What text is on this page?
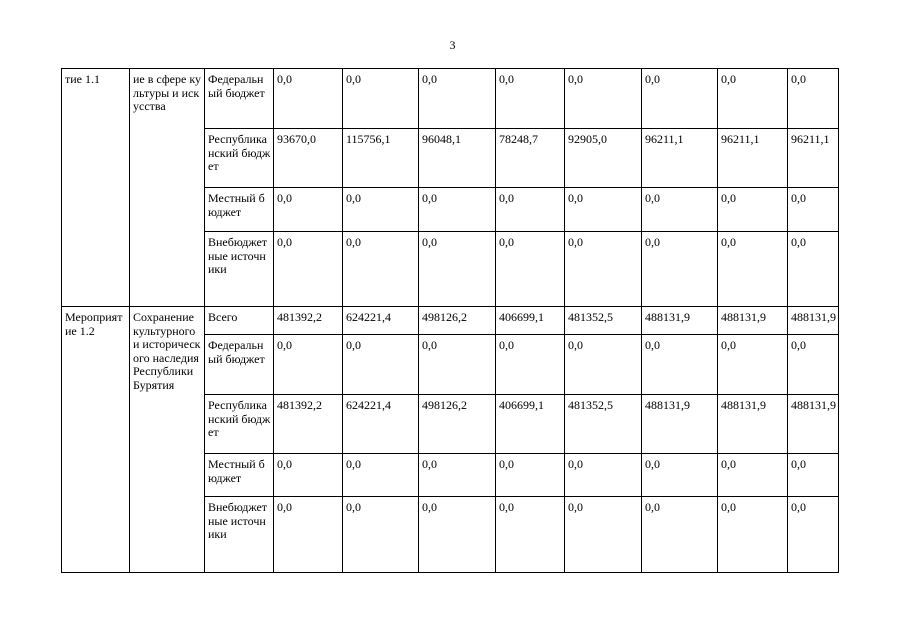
3
тие 1.1	ие в сфере культуры и искусства	Федеральный бюджет	0,0	0,0	0,0	0,0	0,0	0,0	0,0	0,0
		Республиканский бюджет	93670,0	115756,1	96048,1	78248,7	92905,0	96211,1	96211,1	96211,1
		Местный бюджет	0,0	0,0	0,0	0,0	0,0	0,0	0,0	0,0
		Внебюджетные источники	0,0	0,0	0,0	0,0	0,0	0,0	0,0	0,0
Мероприятие 1.2	Сохранение культурного и исторического наследия Республики Бурятия	Всего	481392,2	624221,4	498126,2	406699,1	481352,5	488131,9	488131,9	488131,9
		Федеральный бюджет	0,0	0,0	0,0	0,0	0,0	0,0	0,0	0,0
		Республиканский бюджет	481392,2	624221,4	498126,2	406699,1	481352,5	488131,9	488131,9	488131,9
		Местный бюджет	0,0	0,0	0,0	0,0	0,0	0,0	0,0	0,0
		Внебюджетные источники	0,0	0,0	0,0	0,0	0,0	0,0	0,0	0,0
